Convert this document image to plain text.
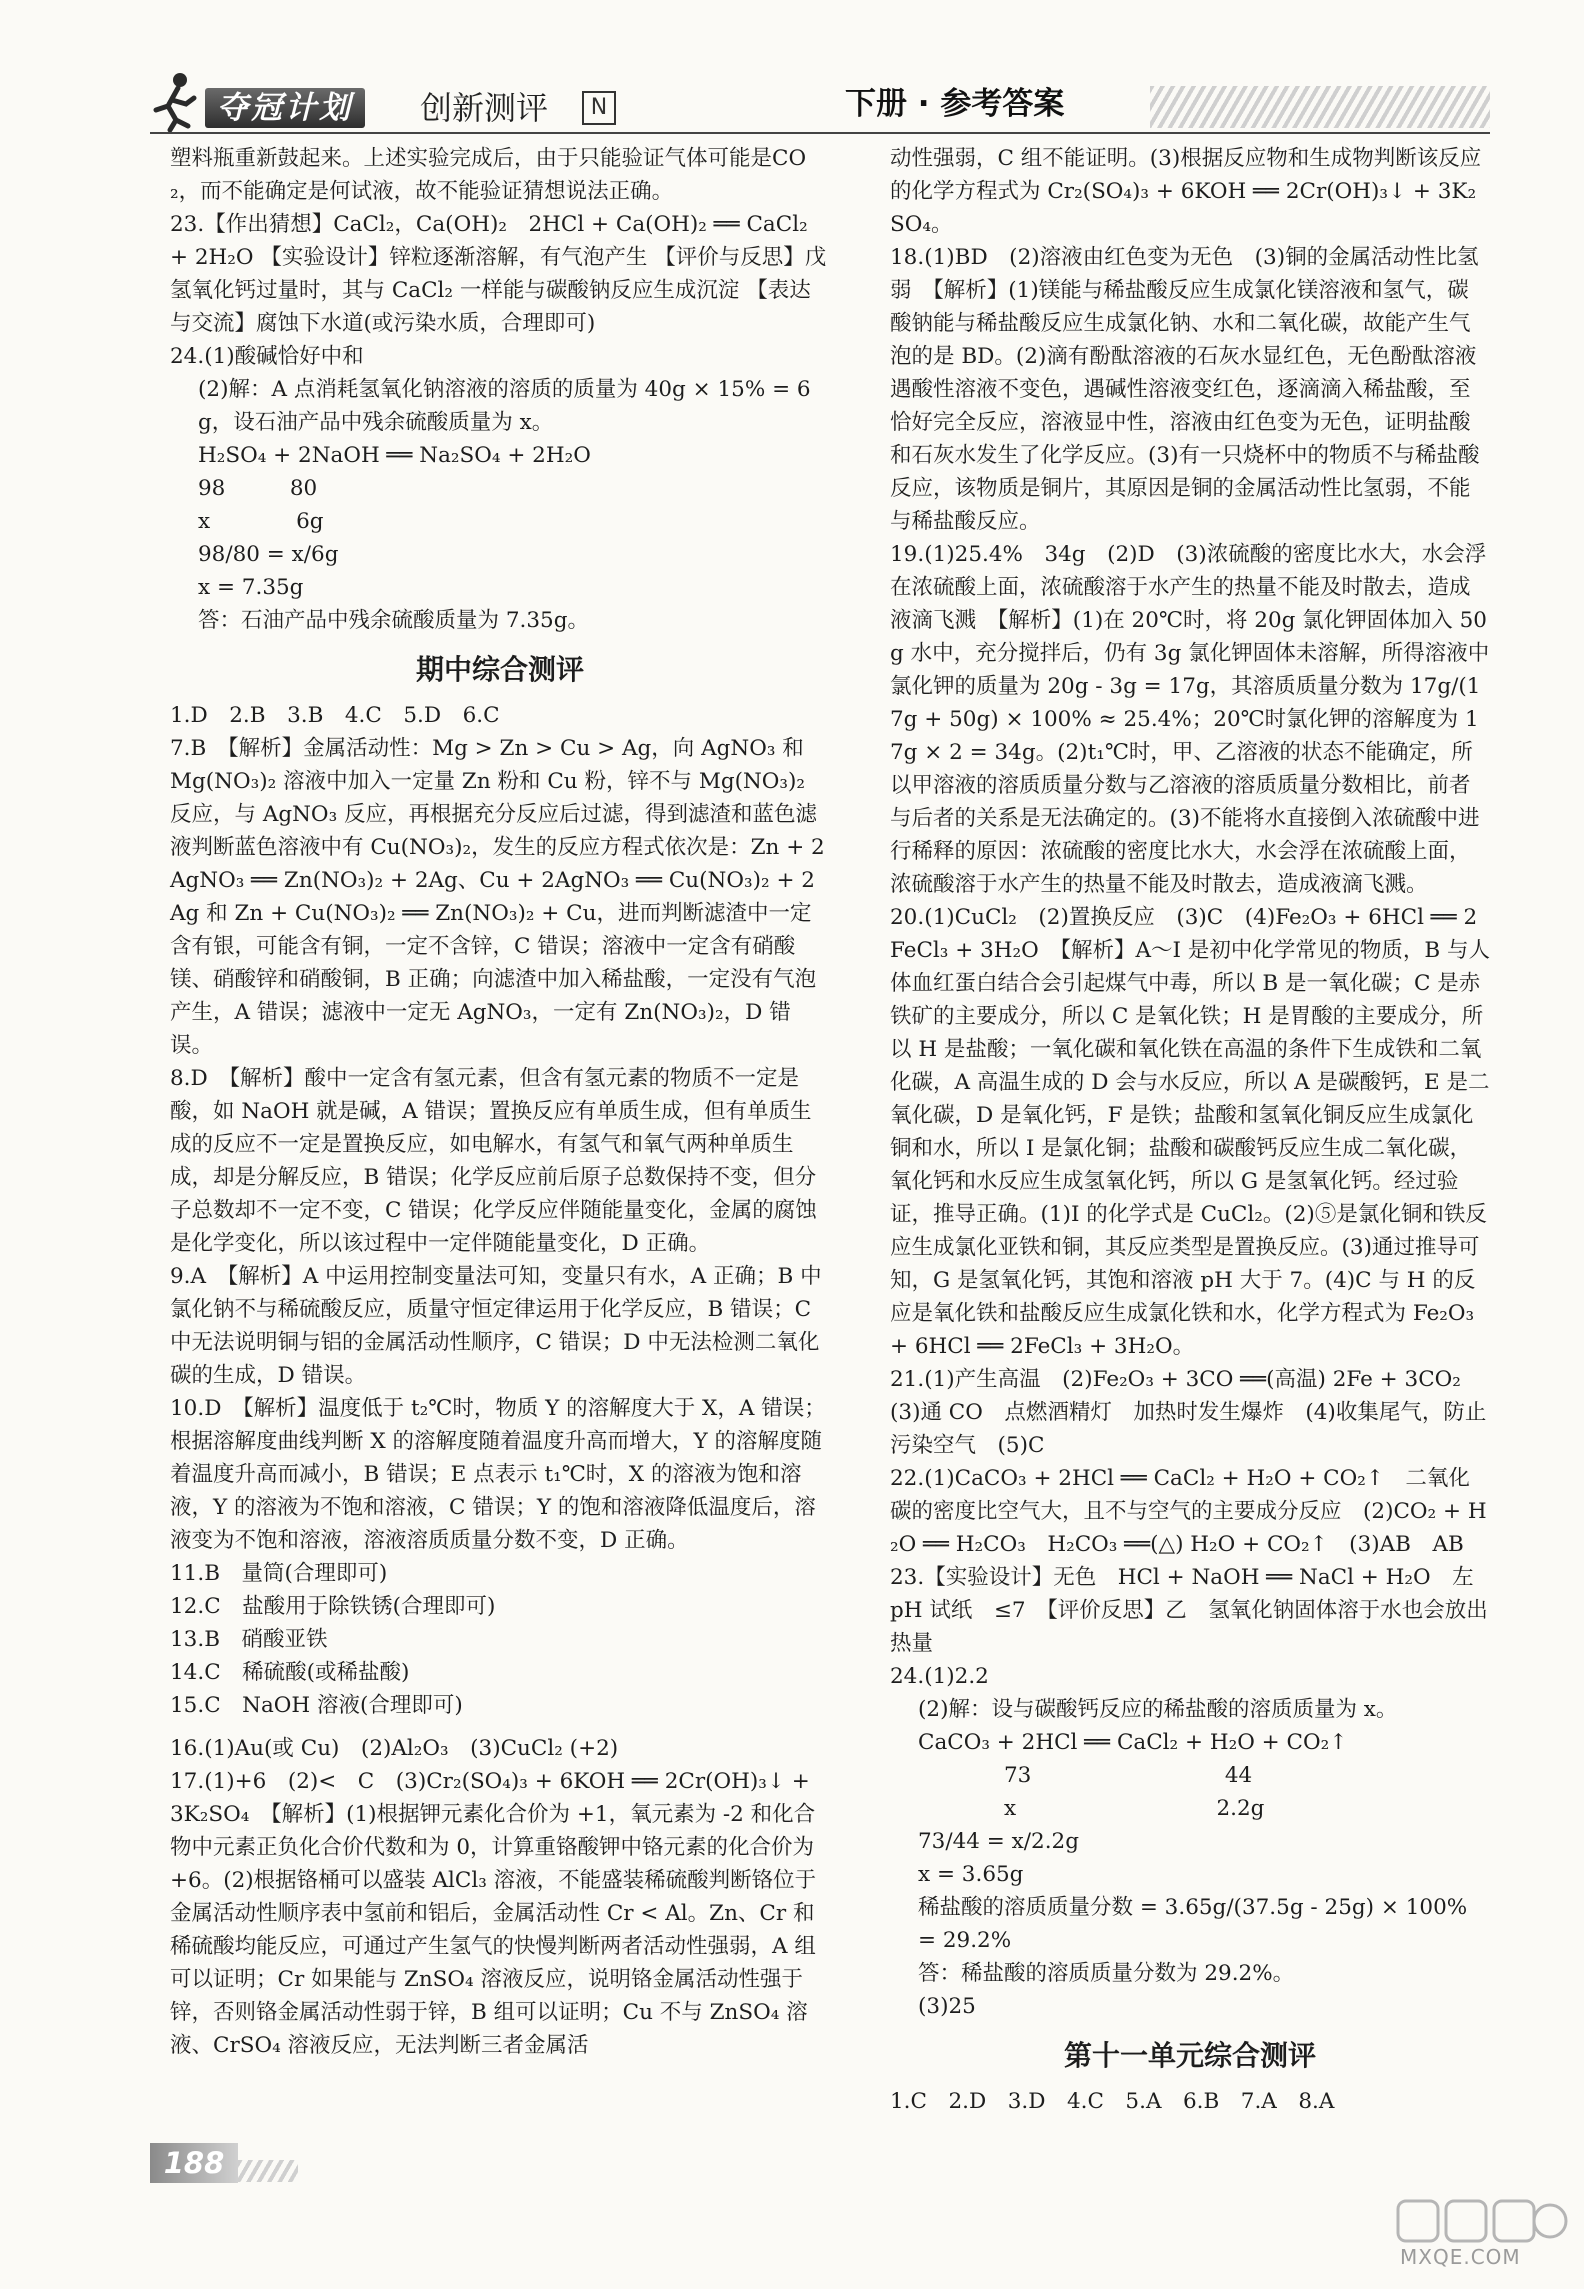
夺冠计划	创新测评	N	下册 · 参考答案

塑料瓶重新鼓起来。上述实验完成后，由于只能验证气体可能是CO₂，而不能确定是何试液，故不能验证猜想说法正确。

23.【作出猜想】CaCl₂，Ca(OH)₂　2HCl + Ca(OH)₂ ══ CaCl₂ + 2H₂O 【实验设计】锌粒逐渐溶解，有气泡产生 【评价与反思】戊　氢氧化钙过量时，其与 CaCl₂ 一样能与碳酸钠反应生成沉淀 【表达与交流】腐蚀下水道(或污染水质，合理即可)

24.(1)酸碱恰好中和

(2)解：A 点消耗氢氧化钠溶液的溶质的质量为 40g × 15% = 6g，设石油产品中残余硫酸质量为 x。

H₂SO₄ + 2NaOH ══ Na₂SO₄ + 2H₂O

98　　　80

x　　　　6g

98/80 = x/6g

x = 7.35g

答：石油产品中残余硫酸质量为 7.35g。

期中综合测评

1.D　2.B　3.B　4.C　5.D　6.C

7.B　【解析】金属活动性：Mg > Zn > Cu > Ag，向 AgNO₃ 和 Mg(NO₃)₂ 溶液中加入一定量 Zn 粉和 Cu 粉，锌不与 Mg(NO₃)₂ 反应，与 AgNO₃ 反应，再根据充分反应后过滤，得到滤渣和蓝色滤液判断蓝色溶液中有 Cu(NO₃)₂，发生的反应方程式依次是：Zn + 2AgNO₃ ══ Zn(NO₃)₂ + 2Ag、Cu + 2AgNO₃ ══ Cu(NO₃)₂ + 2Ag 和 Zn + Cu(NO₃)₂ ══ Zn(NO₃)₂ + Cu，进而判断滤渣中一定含有银，可能含有铜，一定不含锌，C 错误；溶液中一定含有硝酸镁、硝酸锌和硝酸铜，B 正确；向滤渣中加入稀盐酸，一定没有气泡产生，A 错误；滤液中一定无 AgNO₃，一定有 Zn(NO₃)₂，D 错误。

8.D　【解析】酸中一定含有氢元素，但含有氢元素的物质不一定是酸，如 NaOH 就是碱，A 错误；置换反应有单质生成，但有单质生成的反应不一定是置换反应，如电解水，有氢气和氧气两种单质生成，却是分解反应，B 错误；化学反应前后原子总数保持不变，但分子总数却不一定不变，C 错误；化学反应伴随能量变化，金属的腐蚀是化学变化，所以该过程中一定伴随能量变化，D 正确。

9.A　【解析】A 中运用控制变量法可知，变量只有水，A 正确；B 中氯化钠不与稀硫酸反应，质量守恒定律运用于化学反应，B 错误；C 中无法说明铜与铝的金属活动性顺序，C 错误；D 中无法检测二氧化碳的生成，D 错误。

10.D　【解析】温度低于 t₂℃时，物质 Y 的溶解度大于 X，A 错误；根据溶解度曲线判断 X 的溶解度随着温度升高而增大，Y 的溶解度随着温度升高而减小，B 错误；E 点表示 t₁℃时，X 的溶液为饱和溶液，Y 的溶液为不饱和溶液，C 错误；Y 的饱和溶液降低温度后，溶液变为不饱和溶液，溶液溶质质量分数不变，D 正确。

11.B　量筒(合理即可)

12.C　盐酸用于除铁锈(合理即可)

13.B　硝酸亚铁

14.C　稀硫酸(或稀盐酸)

15.C　NaOH 溶液(合理即可)

16.(1)Au(或 Cu)　(2)Al₂O₃　(3)CuCl₂ (+2)

17.(1)+6　(2)<　C　(3)Cr₂(SO₄)₃ + 6KOH ══ 2Cr(OH)₃↓ + 3K₂SO₄　【解析】(1)根据钾元素化合价为 +1，氧元素为 -2 和化合物中元素正负化合价代数和为 0，计算重铬酸钾中铬元素的化合价为 +6。(2)根据铬桶可以盛装 AlCl₃ 溶液，不能盛装稀硫酸判断铬位于金属活动性顺序表中氢前和铝后，金属活动性 Cr < Al。Zn、Cr 和稀硫酸均能反应，可通过产生氢气的快慢判断两者活动性强弱，A 组可以证明；Cr 如果能与 ZnSO₄ 溶液反应，说明铬金属活动性强于锌，否则铬金属活动性弱于锌，B 组可以证明；Cu 不与 ZnSO₄ 溶液、CrSO₄ 溶液反应，无法判断三者金属活

动性强弱，C 组不能证明。(3)根据反应物和生成物判断该反应的化学方程式为 Cr₂(SO₄)₃ + 6KOH ══ 2Cr(OH)₃↓ + 3K₂SO₄。

18.(1)BD　(2)溶液由红色变为无色　(3)铜的金属活动性比氢弱　【解析】(1)镁能与稀盐酸反应生成氯化镁溶液和氢气，碳酸钠能与稀盐酸反应生成氯化钠、水和二氧化碳，故能产生气泡的是 BD。(2)滴有酚酞溶液的石灰水显红色，无色酚酞溶液遇酸性溶液不变色，遇碱性溶液变红色，逐滴滴入稀盐酸，至恰好完全反应，溶液显中性，溶液由红色变为无色，证明盐酸和石灰水发生了化学反应。(3)有一只烧杯中的物质不与稀盐酸反应，该物质是铜片，其原因是铜的金属活动性比氢弱，不能与稀盐酸反应。

19.(1)25.4%　34g　(2)D　(3)浓硫酸的密度比水大，水会浮在浓硫酸上面，浓硫酸溶于水产生的热量不能及时散去，造成液滴飞溅　【解析】(1)在 20℃时，将 20g 氯化钾固体加入 50g 水中，充分搅拌后，仍有 3g 氯化钾固体未溶解，所得溶液中氯化钾的质量为 20g - 3g = 17g，其溶质质量分数为 17g/(17g + 50g) × 100% ≈ 25.4%；20℃时氯化钾的溶解度为 17g × 2 = 34g。(2)t₁℃时，甲、乙溶液的状态不能确定，所以甲溶液的溶质质量分数与乙溶液的溶质质量分数相比，前者与后者的关系是无法确定的。(3)不能将水直接倒入浓硫酸中进行稀释的原因：浓硫酸的密度比水大，水会浮在浓硫酸上面，浓硫酸溶于水产生的热量不能及时散去，造成液滴飞溅。

20.(1)CuCl₂　(2)置换反应　(3)C　(4)Fe₂O₃ + 6HCl ══ 2FeCl₃ + 3H₂O　【解析】A～I 是初中化学常见的物质，B 与人体血红蛋白结合会引起煤气中毒，所以 B 是一氧化碳；C 是赤铁矿的主要成分，所以 C 是氧化铁；H 是胃酸的主要成分，所以 H 是盐酸；一氧化碳和氧化铁在高温的条件下生成铁和二氧化碳，A 高温生成的 D 会与水反应，所以 A 是碳酸钙，E 是二氧化碳，D 是氧化钙，F 是铁；盐酸和氢氧化铜反应生成氯化铜和水，所以 I 是氯化铜；盐酸和碳酸钙反应生成二氧化碳，氧化钙和水反应生成氢氧化钙，所以 G 是氢氧化钙。经过验证，推导正确。(1)I 的化学式是 CuCl₂。(2)⑤是氯化铜和铁反应生成氯化亚铁和铜，其反应类型是置换反应。(3)通过推导可知，G 是氢氧化钙，其饱和溶液 pH 大于 7。(4)C 与 H 的反应是氧化铁和盐酸反应生成氯化铁和水，化学方程式为 Fe₂O₃ + 6HCl ══ 2FeCl₃ + 3H₂O。

21.(1)产生高温　(2)Fe₂O₃ + 3CO ══(高温) 2Fe + 3CO₂　(3)通 CO　点燃酒精灯　加热时发生爆炸　(4)收集尾气，防止污染空气　(5)C

22.(1)CaCO₃ + 2HCl ══ CaCl₂ + H₂O + CO₂↑　二氧化碳的密度比空气大，且不与空气的主要成分反应　(2)CO₂ + H₂O ══ H₂CO₃　H₂CO₃ ══(△) H₂O + CO₂↑　(3)AB　AB

23.【实验设计】无色　HCl + NaOH ══ NaCl + H₂O　左　pH 试纸　≤7　【评价反思】乙　氢氧化钠固体溶于水也会放出热量

24.(1)2.2

(2)解：设与碳酸钙反应的稀盐酸的溶质质量为 x。

CaCO₃ + 2HCl ══ CaCl₂ + H₂O + CO₂↑

　　　　73　　　　　　　　　44

　　　　x　　　　　　　　　 2.2g

73/44 = x/2.2g

x = 3.65g

稀盐酸的溶质质量分数 = 3.65g/(37.5g - 25g) × 100% = 29.2%

答：稀盐酸的溶质质量分数为 29.2%。

(3)25

第十一单元综合测评

1.C　2.D　3.D　4.C　5.A　6.B　7.A　8.A

188
MXQE.COM
